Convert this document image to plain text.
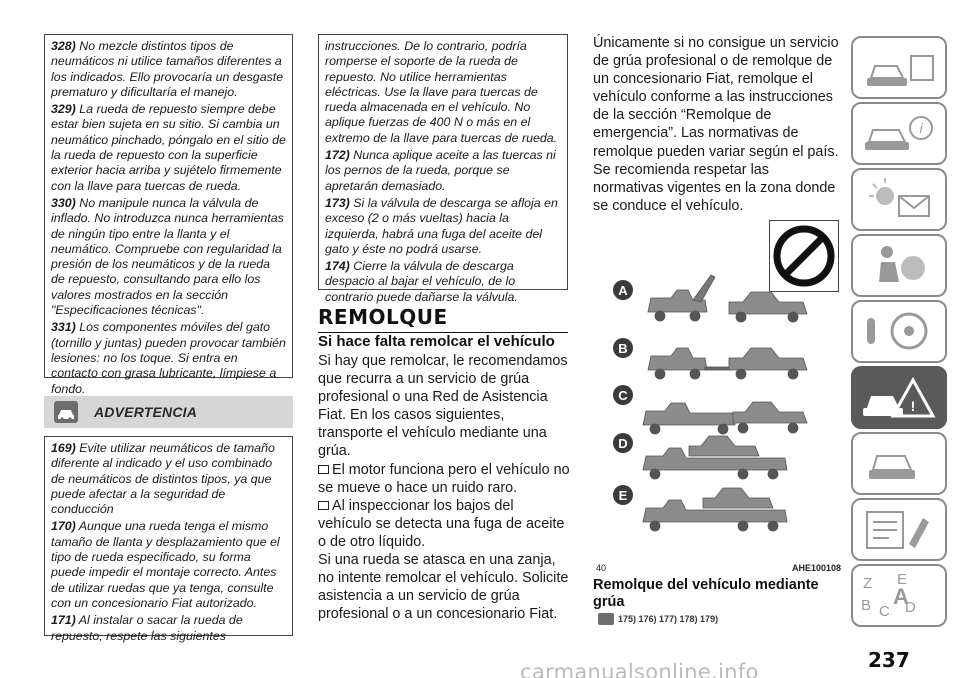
328) No mezcle distintos tipos de neumáticos ni utilice tamaños diferentes a los indicados. Ello provocaría un desgaste prematuro y dificultaría el manejo.

329) La rueda de repuesto siempre debe estar bien sujeta en su sitio. Si cambia un neumático pinchado, póngalo en el sitio de la rueda de repuesto con la superficie exterior hacia arriba y sujételo firmemente con la llave para tuercas de rueda.

330) No manipule nunca la válvula de inflado. No introduzca nunca herramientas de ningún tipo entre la llanta y el neumático. Compruebe con regularidad la presión de los neumáticos y de la rueda de repuesto, consultando para ello los valores mostrados en la sección "Especificaciones técnicas".

331) Los componentes móviles del gato (tornillo y juntas) pueden provocar también lesiones: no los toque. Si entra en contacto con grasa lubricante, límpiese a fondo.

ADVERTENCIA

169) Evite utilizar neumáticos de tamaño diferente al indicado y el uso combinado de neumáticos de distintos tipos, ya que puede afectar a la seguridad de conducción

170) Aunque una rueda tenga el mismo tamaño de llanta y desplazamiento que el tipo de rueda especificado, su forma puede impedir el montaje correcto. Antes de utilizar ruedas que ya tenga, consulte con un concesionario Fiat autorizado.

171) Al instalar o sacar la rueda de repuesto, respete las siguientes

instrucciones. De lo contrario, podría romperse el soporte de la rueda de repuesto. No utilice herramientas eléctricas. Use la llave para tuercas de rueda almacenada en el vehículo. No aplique fuerzas de 400 N o más en el extremo de la llave para tuercas de rueda.

172) Nunca aplique aceite a las tuercas ni los pernos de la rueda, porque se apretarán demasiado.

173) Si la válvula de descarga se afloja en exceso (2 o más vueltas) hacia la izquierda, habrá una fuga del aceite del gato y éste no podrá usarse.

174) Cierre la válvula de descarga despacio al bajar el vehículo, de lo contrario puede dañarse la válvula.

REMOLQUE
Si hace falta remolcar el vehículo

Si hay que remolcar, le recomendamos que recurra a un servicio de grúa profesional o una Red de Asistencia Fiat. En los casos siguientes, transporte el vehículo mediante una grúa.

El motor funciona pero el vehículo no se mueve o hace un ruido raro.

Al inspeccionar los bajos del vehículo se detecta una fuga de aceite o de otro líquido.

Si una rueda se atasca en una zanja, no intente remolcar el vehículo. Solicite asistencia a un servicio de grúa profesional o a un concesionario Fiat.

Únicamente si no consigue un servicio de grúa profesional o de remolque de un concesionario Fiat, remolque el vehículo conforme a las instrucciones de la sección “Remolque de emergencia”. Las normativas de remolque pueden variar según el país. Se recomienda respetar las normativas vigentes en la zona donde se conduce el vehículo.

A
B
C
D
E
40	AHE100108
Remolque del vehículo mediante grúa
175) 176) 177) 178) 179)
i
!
Z E
B C D
A
237
carmanualsonline.info
